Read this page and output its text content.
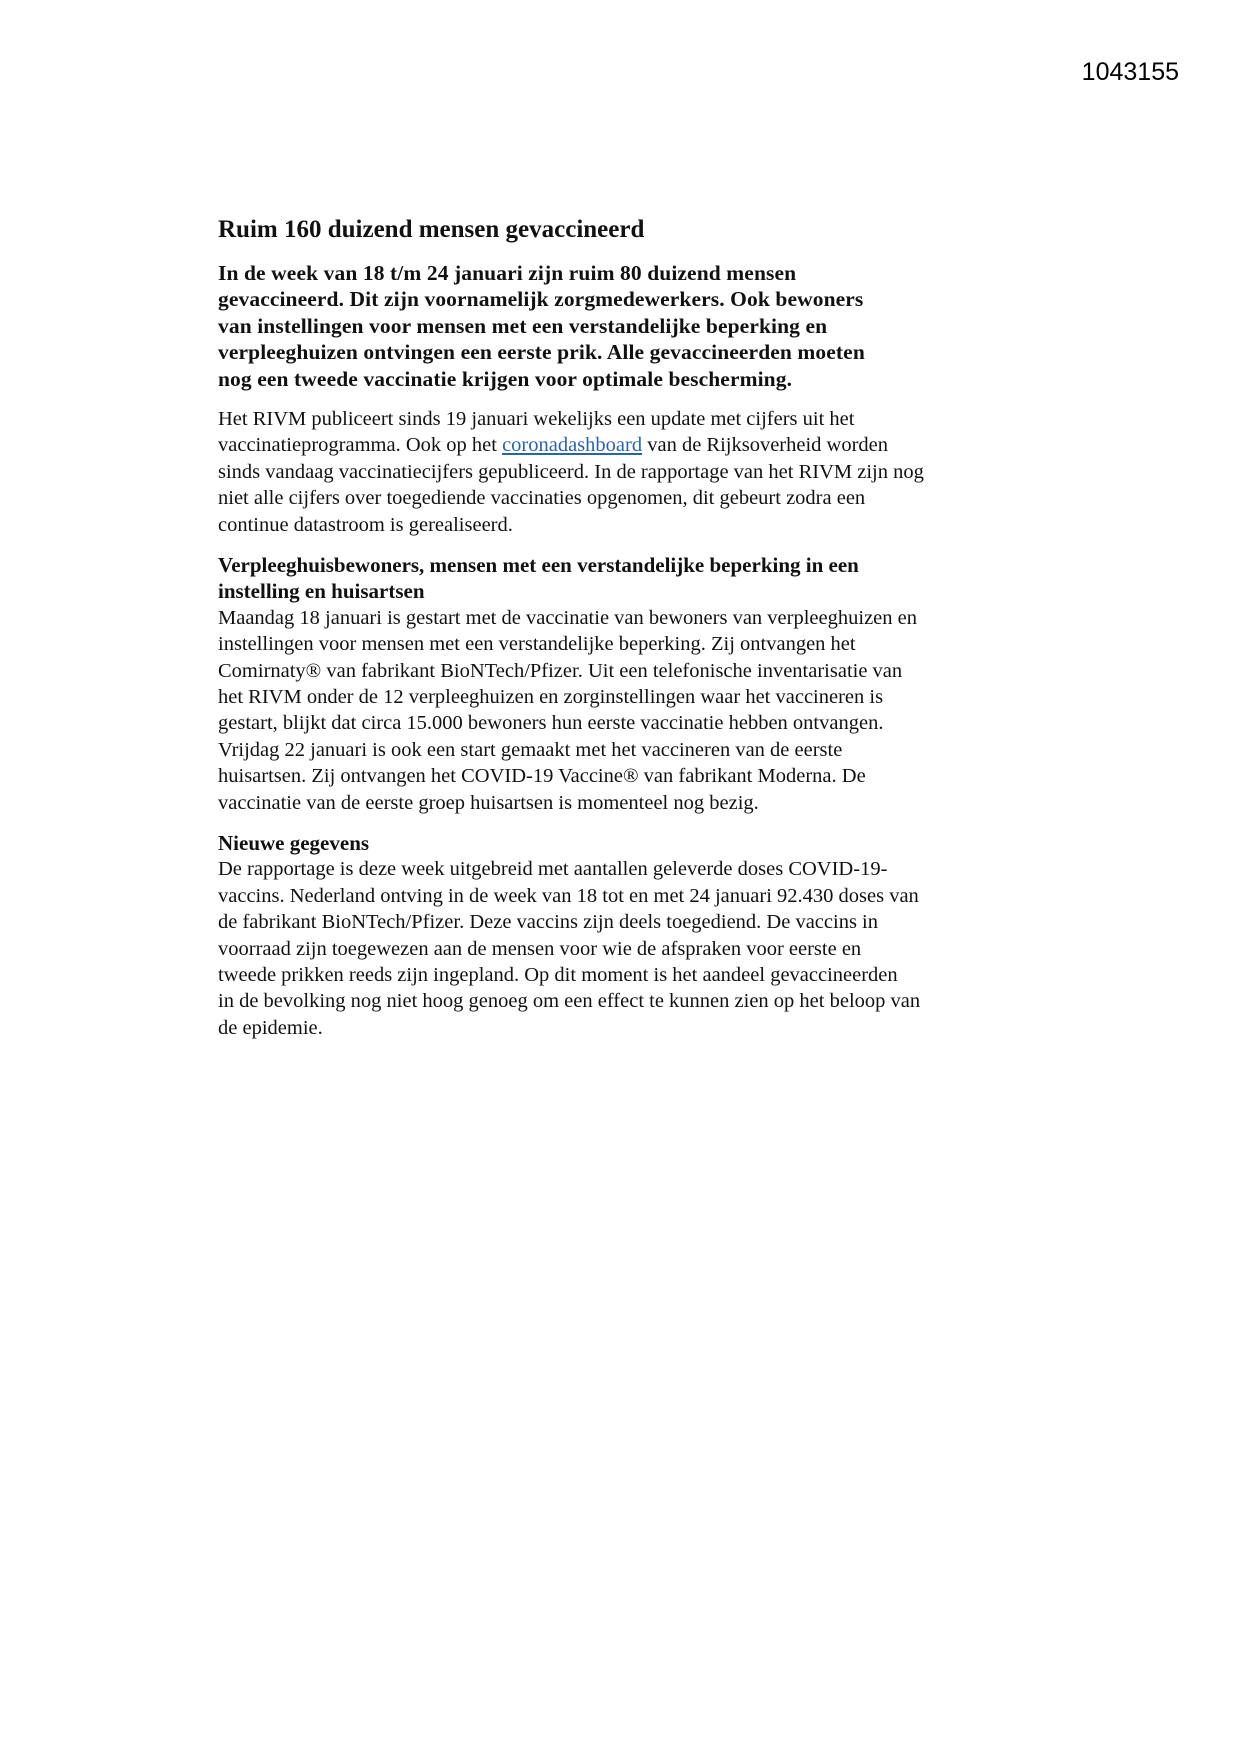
1043155
Ruim 160 duizend mensen gevaccineerd
In de week van 18 t/m 24 januari zijn ruim 80 duizend mensen
gevaccineerd. Dit zijn voornamelijk zorgmedewerkers. Ook bewoners
van instellingen voor mensen met een verstandelijke beperking en
verpleeghuizen ontvingen een eerste prik. Alle gevaccineerden moeten
nog een tweede vaccinatie krijgen voor optimale bescherming.
Het RIVM publiceert sinds 19 januari wekelijks een update met cijfers uit het
vaccinatieprogramma. Ook op het coronadashboard van de Rijksoverheid worden
sinds vandaag vaccinatiecijfers gepubliceerd. In de rapportage van het RIVM zijn nog
niet alle cijfers over toegediende vaccinaties opgenomen, dit gebeurt zodra een
continue datastroom is gerealiseerd.
Verpleeghuisbewoners, mensen met een verstandelijke beperking in een
instelling en huisartsen
Maandag 18 januari is gestart met de vaccinatie van bewoners van verpleeghuizen en
instellingen voor mensen met een verstandelijke beperking. Zij ontvangen het
Comirnaty® van fabrikant BioNTech/Pfizer. Uit een telefonische inventarisatie van
het RIVM onder de 12 verpleeghuizen en zorginstellingen waar het vaccineren is
gestart, blijkt dat circa 15.000 bewoners hun eerste vaccinatie hebben ontvangen.
Vrijdag 22 januari is ook een start gemaakt met het vaccineren van de eerste
huisartsen. Zij ontvangen het COVID-19 Vaccine® van fabrikant Moderna. De
vaccinatie van de eerste groep huisartsen is momenteel nog bezig.
Nieuwe gegevens
De rapportage is deze week uitgebreid met aantallen geleverde doses COVID-19-
vaccins. Nederland ontving in de week van 18 tot en met 24 januari 92.430 doses van
de fabrikant BioNTech/Pfizer. Deze vaccins zijn deels toegediend. De vaccins in
voorraad zijn toegewezen aan de mensen voor wie de afspraken voor eerste en
tweede prikken reeds zijn ingepland. Op dit moment is het aandeel gevaccineerden
in de bevolking nog niet hoog genoeg om een effect te kunnen zien op het beloop van
de epidemie.
